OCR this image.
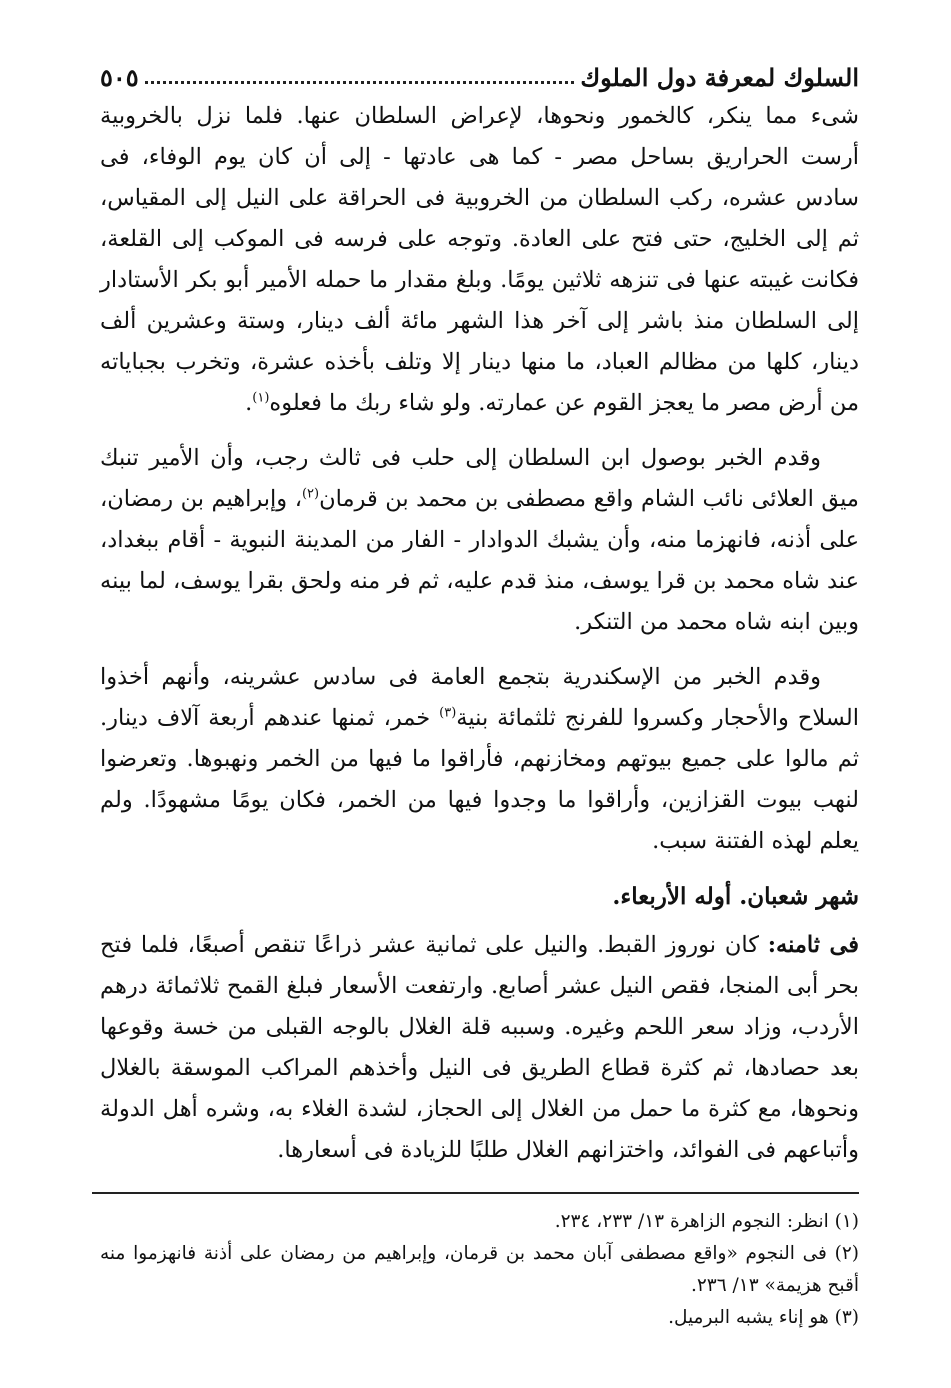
السلوك لمعرفة دول الملوك
٥٠٥

شىء مما ينكر، كالخمور ونحوها، لإعراض السلطان عنها. فلما نزل بالخروبية أرست الحراريق بساحل مصر - كما هى عادتها - إلى أن كان يوم الوفاء، فى سادس عشره، ركب السلطان من الخروبية فى الحراقة على النيل إلى المقياس، ثم إلى الخليج، حتى فتح على العادة. وتوجه على فرسه فى الموكب إلى القلعة، فكانت غيبته عنها فى تنزهه ثلاثين يومًا. وبلغ مقدار ما حمله الأمير أبو بكر الأستادار إلى السلطان منذ باشر إلى آخر هذا الشهر مائة ألف دينار، وستة وعشرين ألف دينار، كلها من مظالم العباد، ما منها دينار إلا وتلف بأخذه عشرة، وتخرب بجباياته من أرض مصر ما يعجز القوم عن عمارته. ولو شاء ربك ما فعلوه$^{(١)}$.

وقدم الخبر بوصول ابن السلطان إلى حلب فى ثالث رجب، وأن الأمير تنبك ميق العلائى نائب الشام واقع مصطفى بن محمد بن قرمان$^{(٢)}$، وإبراهيم بن رمضان، على أذنه، فانهزما منه، وأن يشبك الدوادار - الفار من المدينة النبوية - أقام ببغداد، عند شاه محمد بن قرا يوسف، منذ قدم عليه، ثم فر منه ولحق بقرا يوسف، لما بينه وبين ابنه شاه محمد من التنكر.

وقدم الخبر من الإسكندرية بتجمع العامة فى سادس عشرينه، وأنهم أخذوا السلاح والأحجار وكسروا للفرنج ثلثمائة بنية$^{(٣)}$ خمر، ثمنها عندهم أربعة آلاف دينار. ثم مالوا على جميع بيوتهم ومخازنهم، فأراقوا ما فيها من الخمر ونهبوها. وتعرضوا لنهب بيوت القزازين، وأراقوا ما وجدوا فيها من الخمر، فكان يومًا مشهودًا. ولم يعلم لهذه الفتنة سبب.

شهر شعبان. أوله الأربعاء.

فى ثامنه: كان نوروز القبط. والنيل على ثمانية عشر ذراعًا تنقص أصبعًا، فلما فتح بحر أبى المنجا، فقص النيل عشر أصابع. وارتفعت الأسعار فبلغ القمح ثلاثمائة درهم الأردب، وزاد سعر اللحم وغيره. وسببه قلة الغلال بالوجه القبلى من خسة وقوعها بعد حصادها، ثم كثرة قطاع الطريق فى النيل وأخذهم المراكب الموسقة بالغلال ونحوها، مع كثرة ما حمل من الغلال إلى الحجاز، لشدة الغلاء به، وشره أهل الدولة وأتباعهم فى الفوائد، واختزانهم الغلال طلبًا للزيادة فى أسعارها.

(١) انظر: النجوم الزاهرة ١٣/ ٢٣٣، ٢٣٤.

(٢) فى النجوم «واقع مصطفى آبان محمد بن قرمان، وإبراهيم من رمضان على أذنة فانهزموا منه أقبح هزيمة» ١٣/ ٢٣٦.

(٣) هو إناء يشبه البرميل.
